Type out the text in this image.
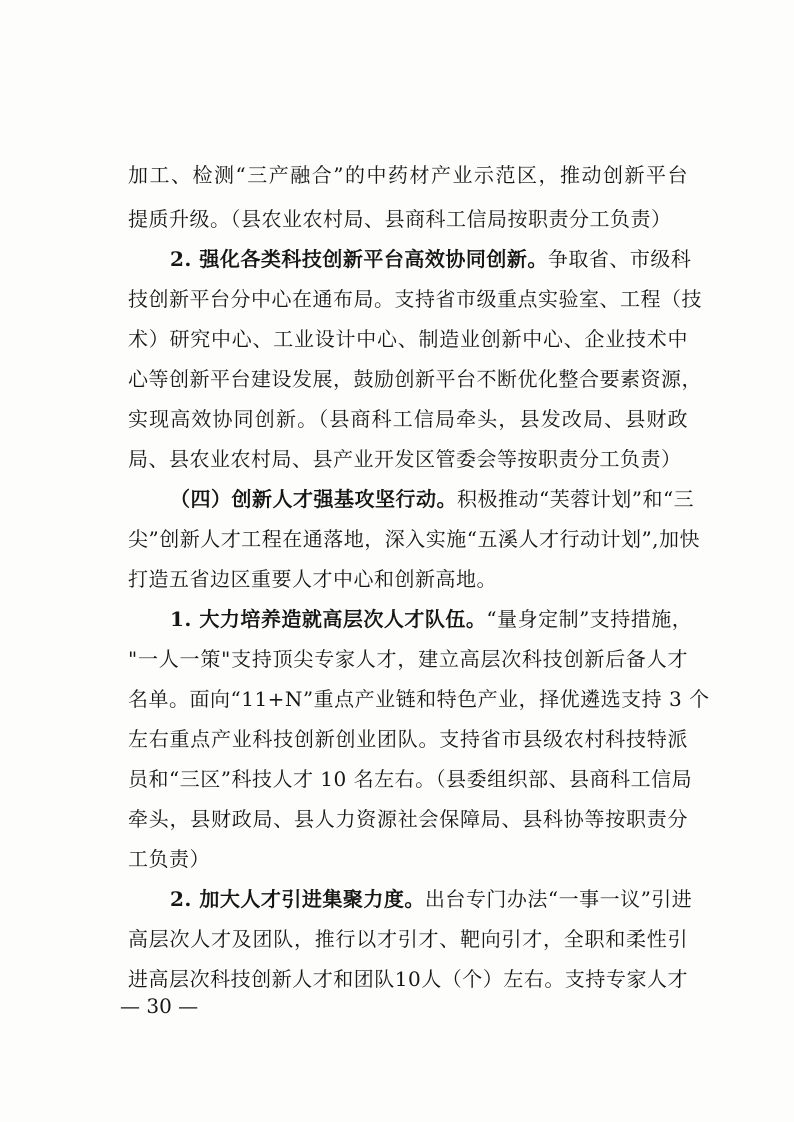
加工、检测“三产融合”的中药材产业示范区，推动创新平台
提质升级。（县农业农村局、县商科工信局按职责分工负责）
2. 强化各类科技创新平台高效协同创新。争取省、市级科
技创新平台分中心在通布局。支持省市级重点实验室、工程（技
术）研究中心、工业设计中心、制造业创新中心、企业技术中
心等创新平台建设发展，鼓励创新平台不断优化整合要素资源，
实现高效协同创新。（县商科工信局牵头，县发改局、县财政
局、县农业农村局、县产业开发区管委会等按职责分工负责）
（四）创新人才强基攻坚行动。积极推动“芙蓉计划”和“三
尖”创新人才工程在通落地，深入实施“五溪人才行动计划”,加快
打造五省边区重要人才中心和创新高地。
1. 大力培养造就高层次人才队伍。“量身定制”支持措施，
"一人一策"支持顶尖专家人才，建立高层次科技创新后备人才
名单。面向“11+N”重点产业链和特色产业，择优遴选支持 3 个
左右重点产业科技创新创业团队。支持省市县级农村科技特派
员和“三区”科技人才 10 名左右。（县委组织部、县商科工信局
牵头，县财政局、县人力资源社会保障局、县科协等按职责分
工负责）
2. 加大人才引进集聚力度。出台专门办法“一事一议”引进
高层次人才及团队，推行以才引才、靶向引才，全职和柔性引
进高层次科技创新人才和团队10人（个）左右。支持专家人才
— 30 —
